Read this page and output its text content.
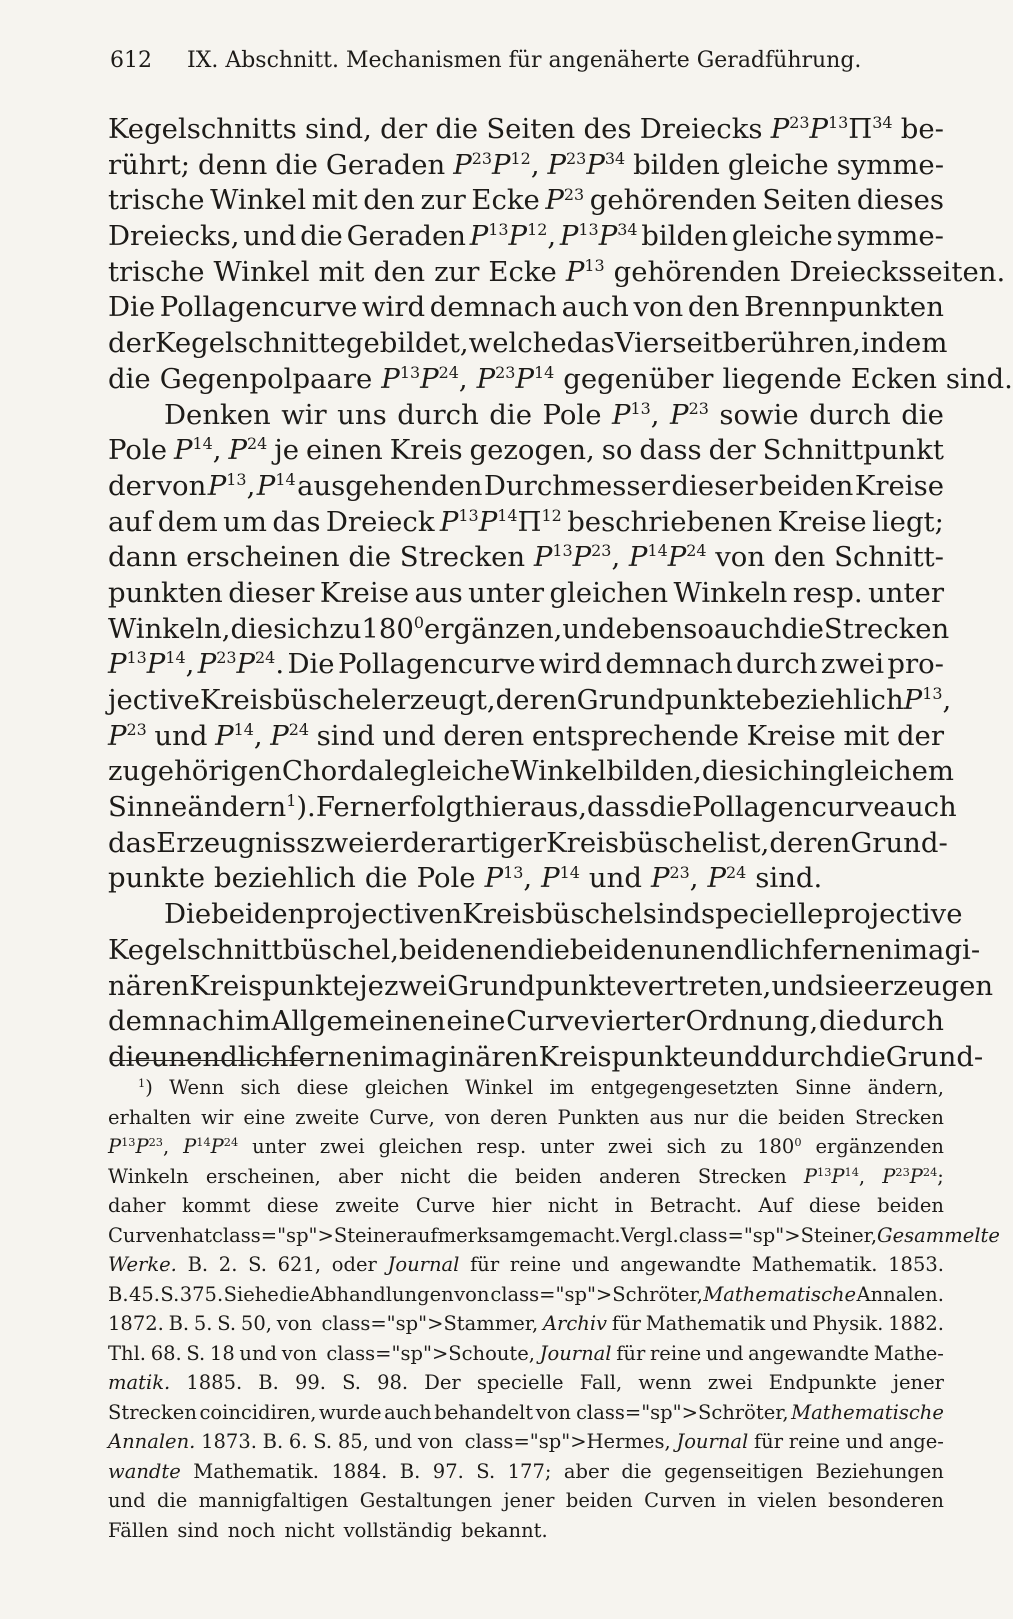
612 IX. Abschnitt. Mechanismen für angenäherte Geradführung.
Kegelschnitts sind, der die Seiten des Dreiecks $P^{23}P^{13}\Pi^{34}$ be-
rührt; denn die Geraden $P^{23}P^{12}$, $P^{23}P^{34}$ bilden gleiche symme-
trische Winkel mit den zur Ecke $P^{23}$ gehörenden Seiten dieses
Dreiecks, und die Geraden $P^{13}P^{12}$, $P^{13}P^{34}$ bilden gleiche symme-
trische Winkel mit den zur Ecke $P^{13}$ gehörenden Dreiecksseiten.
Die Pollagencurve wird demnach auch von den Brennpunkten
der Kegelschnitte gebildet, welche das Vierseit berühren, in dem
die Gegenpolpaare $P^{13}P^{24}$, $P^{23}P^{14}$ gegenüber liegende Ecken sind.
Denken wir uns durch die Pole $P^{13}$, $P^{23}$ sowie durch die
Pole $P^{14}$, $P^{24}$ je einen Kreis gezogen, so dass der Schnittpunkt
der von $P^{13}$, $P^{14}$ ausgehenden Durchmesser dieser beiden Kreise
auf dem um das Dreieck $P^{13}P^{14}\Pi^{12}$ beschriebenen Kreise liegt;
dann erscheinen die Strecken $P^{13}P^{23}$, $P^{14}P^{24}$ von den Schnitt-
punkten dieser Kreise aus unter gleichen Winkeln resp. unter
Winkeln, die sich zu $180^0$ ergänzen, und ebenso auch die Strecken
$P^{13}P^{14}$, $P^{23}P^{24}$. Die Pollagencurve wird demnach durch zwei pro-
jective Kreisbüschel erzeugt, deren Grundpunkte beziehlich $P^{13}$,
$P^{23}$ und $P^{14}$, $P^{24}$ sind und deren entsprechende Kreise mit der
zugehörigen Chordale gleiche Winkel bilden, die sich in gleichem
Sinne ändern$^1$). Ferner folgt hieraus, dass die Pollagencurve auch
das Erzeugniss zweier derartiger Kreisbüschel ist, deren Grund-
punkte beziehlich die Pole $P^{13}$, $P^{14}$ und $P^{23}$, $P^{24}$ sind.
Die beiden projectiven Kreisbüschel sind specielle projective
Kegelschnittbüschel, bei denen die beiden unendlich fernen imagi-
nären Kreispunkte je zwei Grundpunkte vertreten, und sie erzeugen
demnach im Allgemeinen eine Curve vierter Ordnung, die durch
die unendlich fernen imaginären Kreispunkte und durch die Grund-
$^1$) Wenn sich diese gleichen Winkel im entgegengesetzten Sinne ändern,
erhalten wir eine zweite Curve, von deren Punkten aus nur die beiden Strecken
$P^{13}P^{23}$, $P^{14}P^{24}$ unter zwei gleichen resp. unter zwei sich zu $180^0$ ergänzenden
Winkeln erscheinen, aber nicht die beiden anderen Strecken $P^{13}P^{14}$, $P^{23}P^{24}$;
daher kommt diese zweite Curve hier nicht in Betracht. Auf diese beiden
Curven hat class="sp">Steiner aufmerksam gemacht. Vergl. class="sp">Steiner, Gesammelte
Werke. B. 2. S. 621, oder Journal für reine und angewandte Mathematik. 1853.
B. 45. S. 375. Siehe die Abhandlungen von class="sp">Schröter, Mathematische Annalen.
1872. B. 5. S. 50, von class="sp">Stammer, Archiv für Mathematik und Physik. 1882.
Thl. 68. S. 18 und von class="sp">Schoute, Journal für reine und angewandte Mathe-
matik. 1885. B. 99. S. 98. Der specielle Fall, wenn zwei Endpunkte jener
Strecken coincidiren, wurde auch behandelt von class="sp">Schröter, Mathematische
Annalen. 1873. B. 6. S. 85, und von class="sp">Hermes, Journal für reine und ange-
wandte Mathematik. 1884. B. 97. S. 177; aber die gegenseitigen Beziehungen
und die mannigfaltigen Gestaltungen jener beiden Curven in vielen besonderen
Fällen sind noch nicht vollständig bekannt.
